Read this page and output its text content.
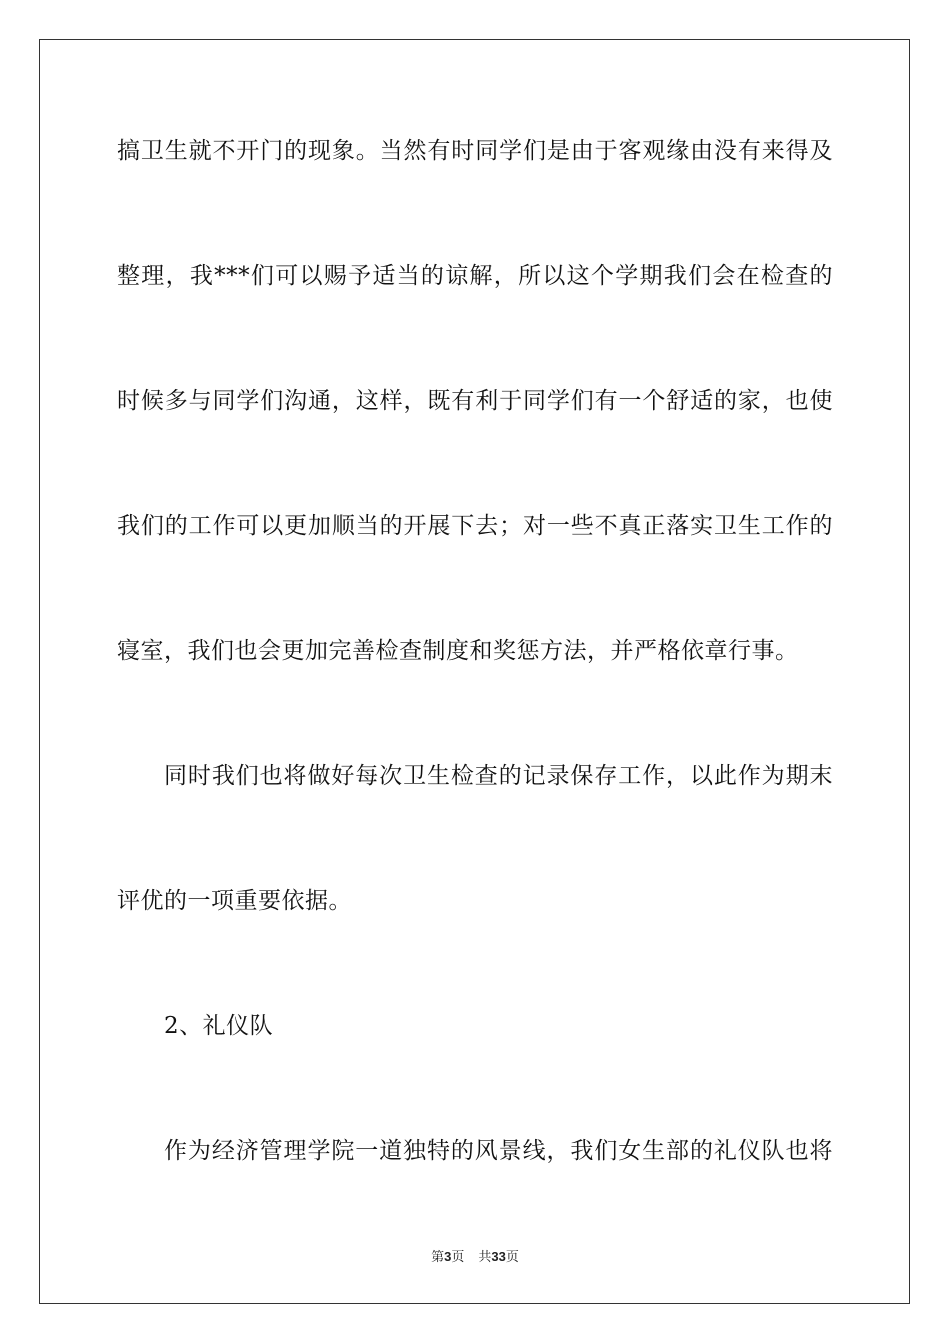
搞卫生就不开门的现象。当然有时同学们是由于客观缘由没有来得及
整理，我***们可以赐予适当的谅解，所以这个学期我们会在检查的
时候多与同学们沟通，这样，既有利于同学们有一个舒适的家，也使
我们的工作可以更加顺当的开展下去；对一些不真正落实卫生工作的
寝室，我们也会更加完善检查制度和奖惩方法，并严格依章行事。
同时我们也将做好每次卫生检查的记录保存工作，以此作为期末
评优的一项重要依据。
2、礼仪队
作为经济管理学院一道独特的风景线，我们女生部的礼仪队也将
第3页 共33页
